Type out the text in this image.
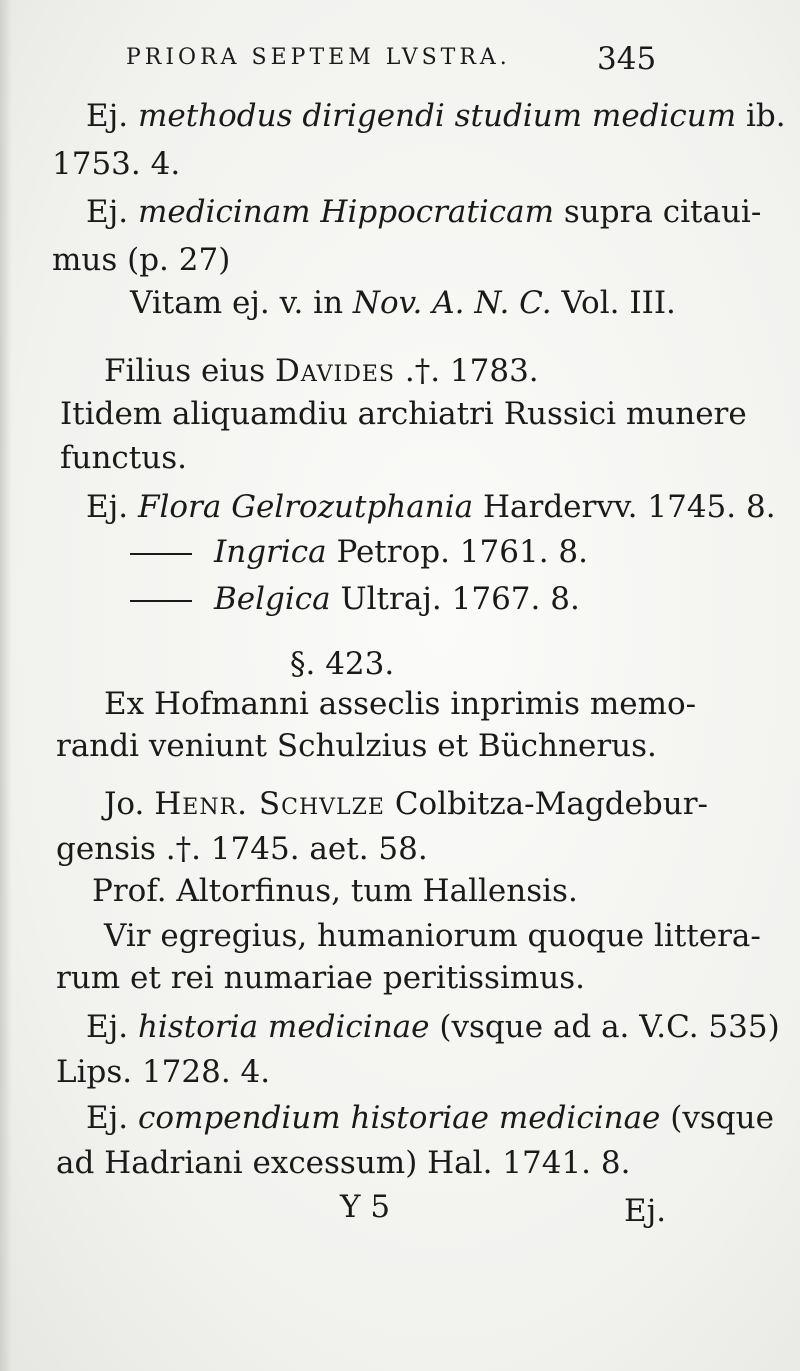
PRIORA SEPTEM LVSTRA.	345
Ej. methodus dirigendi studium medicum ib.
1753. 4.
Ej. medicinam Hippocraticam supra citaui-
mus (p. 27)
Vitam ej. v. in Nov. A. N. C. Vol. III.
Filius eius Davides .†. 1783.
Itidem aliquamdiu archiatri Russici munere
functus.
Ej. Flora Gelrozutphania Hardervv. 1745. 8.
Ingrica Petrop. 1761. 8.
Belgica Ultraj. 1767. 8.
§. 423.
Ex Hofmanni asseclis inprimis memo-
randi veniunt Schulzius et Büchnerus.
Jo. Henr. Schvlze Colbitza-Magdebur-
gensis .†. 1745. aet. 58.
Prof. Altorfinus, tum Hallensis.
Vir egregius, humaniorum quoque littera-
rum et rei numariae peritissimus.
Ej. historia medicinae (vsque ad a. V.C. 535)
Lips. 1728. 4.
Ej. compendium historiae medicinae (vsque
ad Hadriani excessum) Hal. 1741. 8.
Y 5	Ej.
